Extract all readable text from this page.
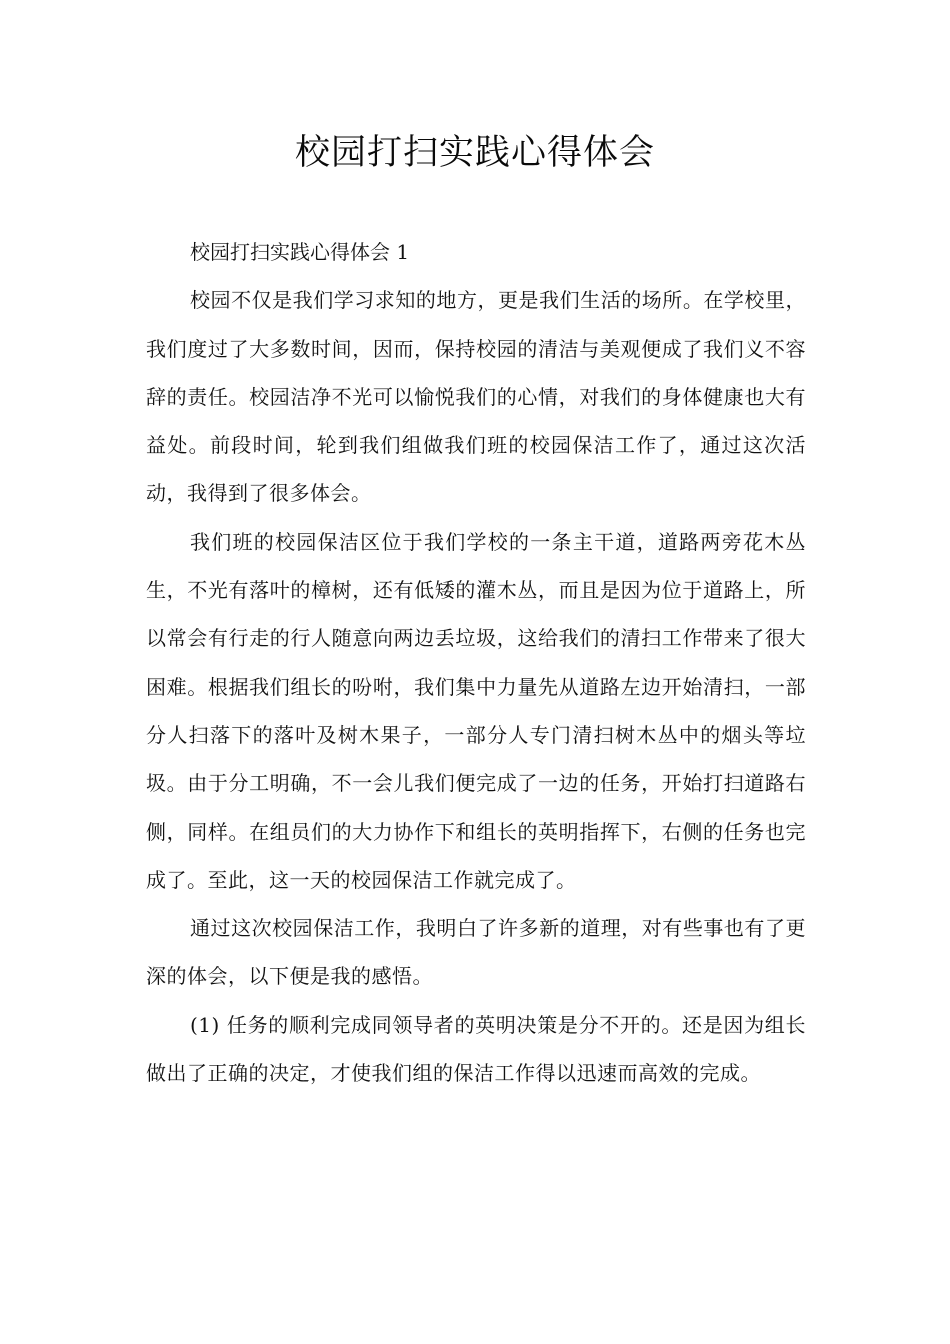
校园打扫实践心得体会

校园打扫实践心得体会 1

校园不仅是我们学习求知的地方，更是我们生活的场所。在学校里，我们度过了大多数时间，因而，保持校园的清洁与美观便成了我们义不容辞的责任。校园洁净不光可以愉悦我们的心情，对我们的身体健康也大有益处。前段时间，轮到我们组做我们班的校园保洁工作了，通过这次活动，我得到了很多体会。

我们班的校园保洁区位于我们学校的一条主干道，道路两旁花木丛生，不光有落叶的樟树，还有低矮的灌木丛，而且是因为位于道路上，所以常会有行走的行人随意向两边丢垃圾，这给我们的清扫工作带来了很大困难。根据我们组长的吩咐，我们集中力量先从道路左边开始清扫，一部分人扫落下的落叶及树木果子，一部分人专门清扫树木丛中的烟头等垃圾。由于分工明确，不一会儿我们便完成了一边的任务，开始打扫道路右侧，同样。在组员们的大力协作下和组长的英明指挥下，右侧的任务也完成了。至此，这一天的校园保洁工作就完成了。

通过这次校园保洁工作，我明白了许多新的道理，对有些事也有了更深的体会，以下便是我的感悟。

(1) 任务的顺利完成同领导者的英明决策是分不开的。还是因为组长做出了正确的决定，才使我们组的保洁工作得以迅速而高效的完成。
